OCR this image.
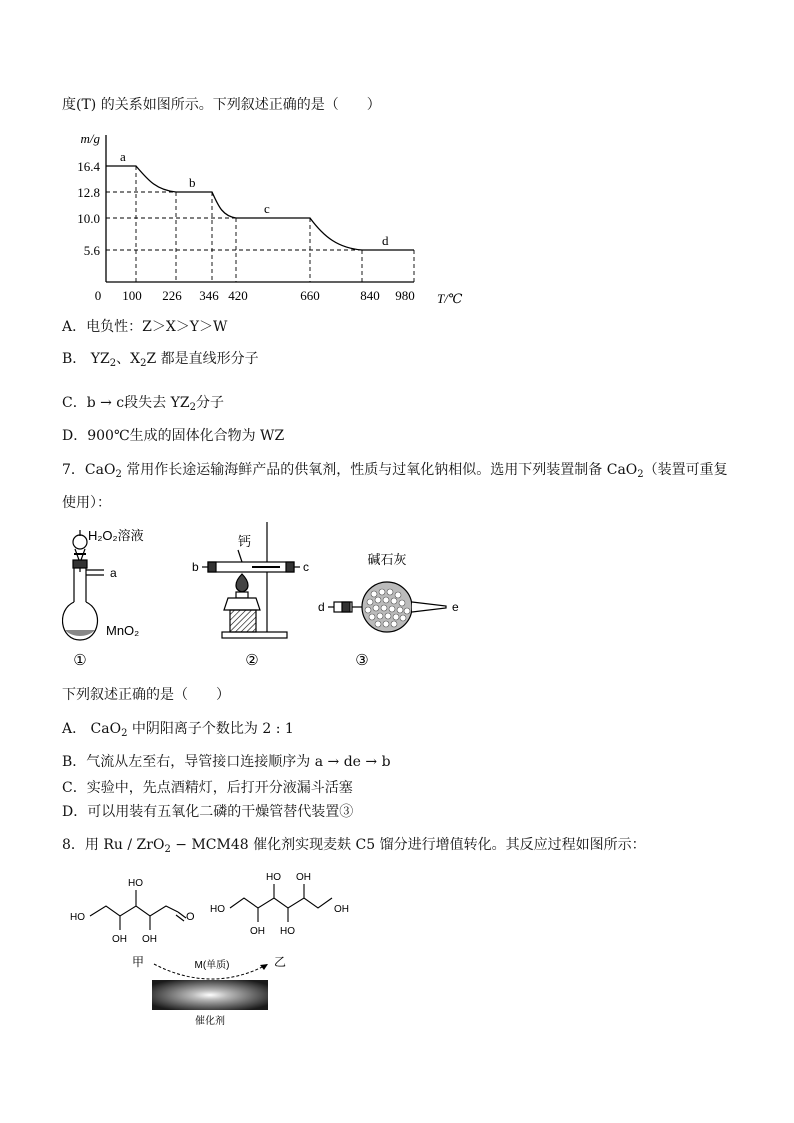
度(T) 的关系如图所示。下列叙述正确的是（　　）
m/g
16.4
12.8
10.0
5.6
0 100 226 346 420	660	840 980 T/℃
a
b
c
d
A．电负性：Z＞X＞Y＞W
B． $YZ_2$、$X_2Z$ 都是直线形分子
C．b → c段失去 $YZ_2$分子
D．900℃生成的固体化合物为 WZ
7．CaO$_2$ 常用作长途运输海鲜产品的供氧剂，性质与过氧化钠相似。选用下列装置制备 CaO$_2$（装置可重复
使用）：
H₂O₂溶液
a
MnO₂
①
钙
b	c
②
碱石灰
d	e
③
下列叙述正确的是（　　）
A． CaO$_2$ 中阴阳离子个数比为 2 : 1
B．气流从左至右，导管接口连接顺序为 a → de → b
C．实验中，先点酒精灯，后打开分液漏斗活塞
D．可以用装有五氧化二磷的干燥管替代装置③
8．用 Ru / ZrO$_2$ − MCM48 催化剂实现麦麸 C5 馏分进行增值转化。其反应过程如图所示：
HO
HO
OH OH
O
HO
HO OH
OH
OH
HO
甲	乙
M(单质)
催化剂
